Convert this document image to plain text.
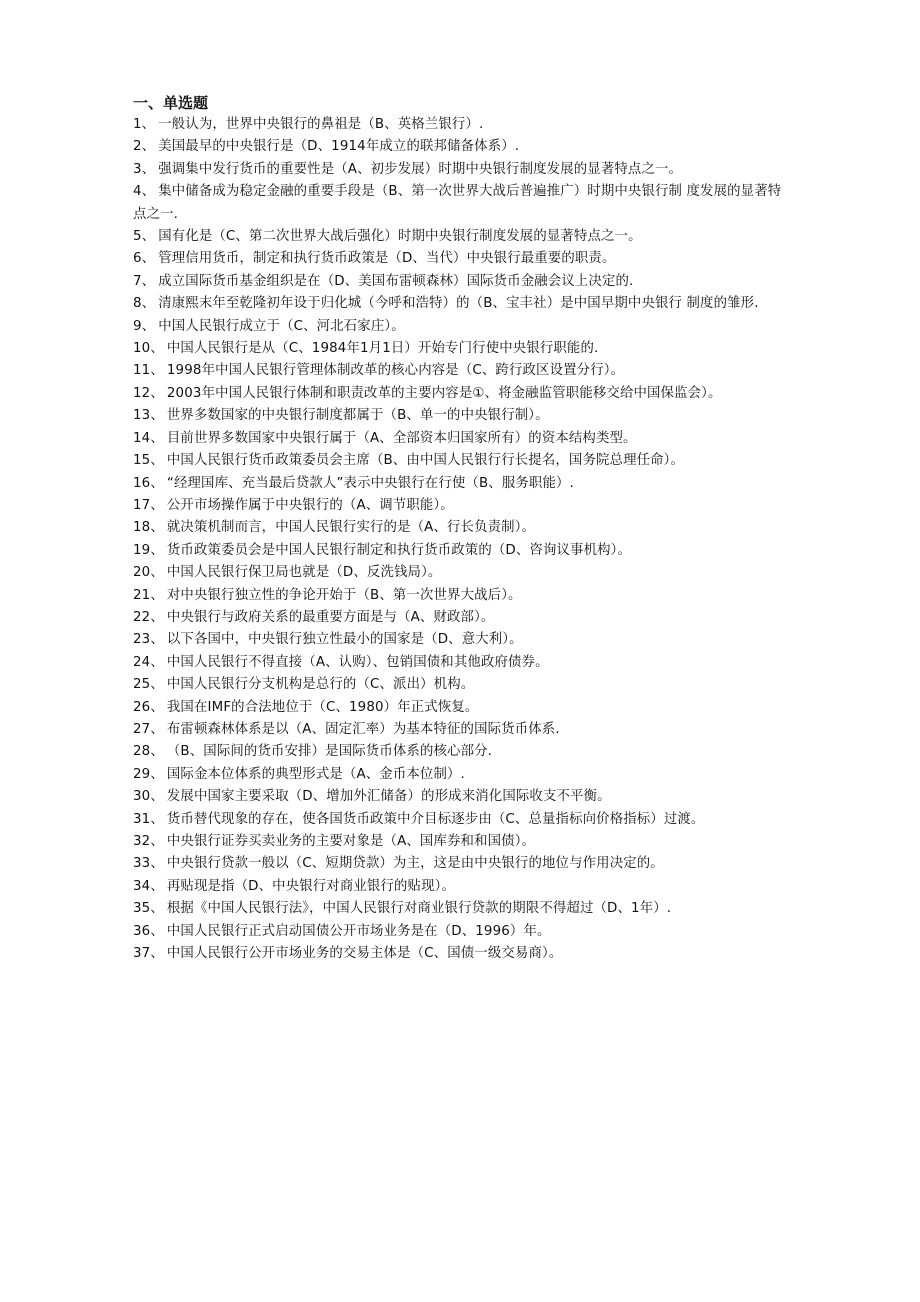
一、单选题
1、 一般认为，世界中央银行的鼻祖是（B、英格兰银行）.
2、 美国最早的中央银行是（D、1914年成立的联邦储备体系）.
3、 强调集中发行货币的重要性是（A、初步发展）时期中央银行制度发展的显著特点之一。
4、 集中储备成为稳定金融的重要手段是（B、第一次世界大战后普遍推广）时期中央银行制 度发展的显著特点之一.
5、 国有化是（C、第二次世界大战后强化）时期中央银行制度发展的显著特点之一。
6、 管理信用货币，制定和执行货币政策是（D、当代）中央银行最重要的职责。
7、 成立国际货币基金组织是在（D、美国布雷顿森林）国际货币金融会议上决定的.
8、 清康熙末年至乾隆初年设于归化城（今呼和浩特）的（B、宝丰社）是中国早期中央银行 制度的雏形.
9、 中国人民银行成立于（C、河北石家庄）。
10、 中国人民银行是从（C、1984年1月1日）开始专门行使中央银行职能的.
11、 1998年中国人民银行管理体制改革的核心内容是（C、跨行政区设置分行）。
12、 2003年中国人民银行体制和职责改革的主要内容是①、将金融监管职能移交给中国保监会）。
13、 世界多数国家的中央银行制度都属于（B、单一的中央银行制）。
14、 目前世界多数国家中央银行属于（A、全部资本归国家所有）的资本结构类型。
15、 中国人民银行货币政策委员会主席（B、由中国人民银行行长提名，国务院总理任命）。
16、 “经理国库、充当最后贷款人”表示中央银行在行使（B、服务职能）.
17、 公开市场操作属于中央银行的（A、调节职能）。
18、 就决策机制而言，中国人民银行实行的是（A、行长负责制）。
19、 货币政策委员会是中国人民银行制定和执行货币政策的（D、咨询议事机构）。
20、 中国人民银行保卫局也就是（D、反洗钱局）。
21、 对中央银行独立性的争论开始于（B、第一次世界大战后）。
22、 中央银行与政府关系的最重要方面是与（A、财政部）。
23、 以下各国中，中央银行独立性最小的国家是（D、意大利）。
24、 中国人民银行不得直接（A、认购）、包销国债和其他政府债券。
25、 中国人民银行分支机构是总行的（C、派出）机构。
26、 我国在IMF的合法地位于（C、1980）年正式恢复。
27、 布雷顿森林体系是以（A、固定汇率）为基本特征的国际货币体系.
28、 （B、国际间的货币安排）是国际货币体系的核心部分.
29、 国际金本位体系的典型形式是（A、金币本位制）.
30、 发展中国家主要采取（D、增加外汇储备）的形成来消化国际收支不平衡。
31、 货币替代现象的存在，使各国货币政策中介目标逐步由（C、总量指标向价格指标）过渡。
32、 中央银行证券买卖业务的主要对象是（A、国库券和和国债）。
33、 中央银行贷款一般以（C、短期贷款）为主，这是由中央银行的地位与作用决定的。
34、 再贴现是指（D、中央银行对商业银行的贴现）。
35、 根据《中国人民银行法》，中国人民银行对商业银行贷款的期限不得超过（D、1年）.
36、 中国人民银行正式启动国债公开市场业务是在（D、1996）年。
37、 中国人民银行公开市场业务的交易主体是（C、国债一级交易商）。
